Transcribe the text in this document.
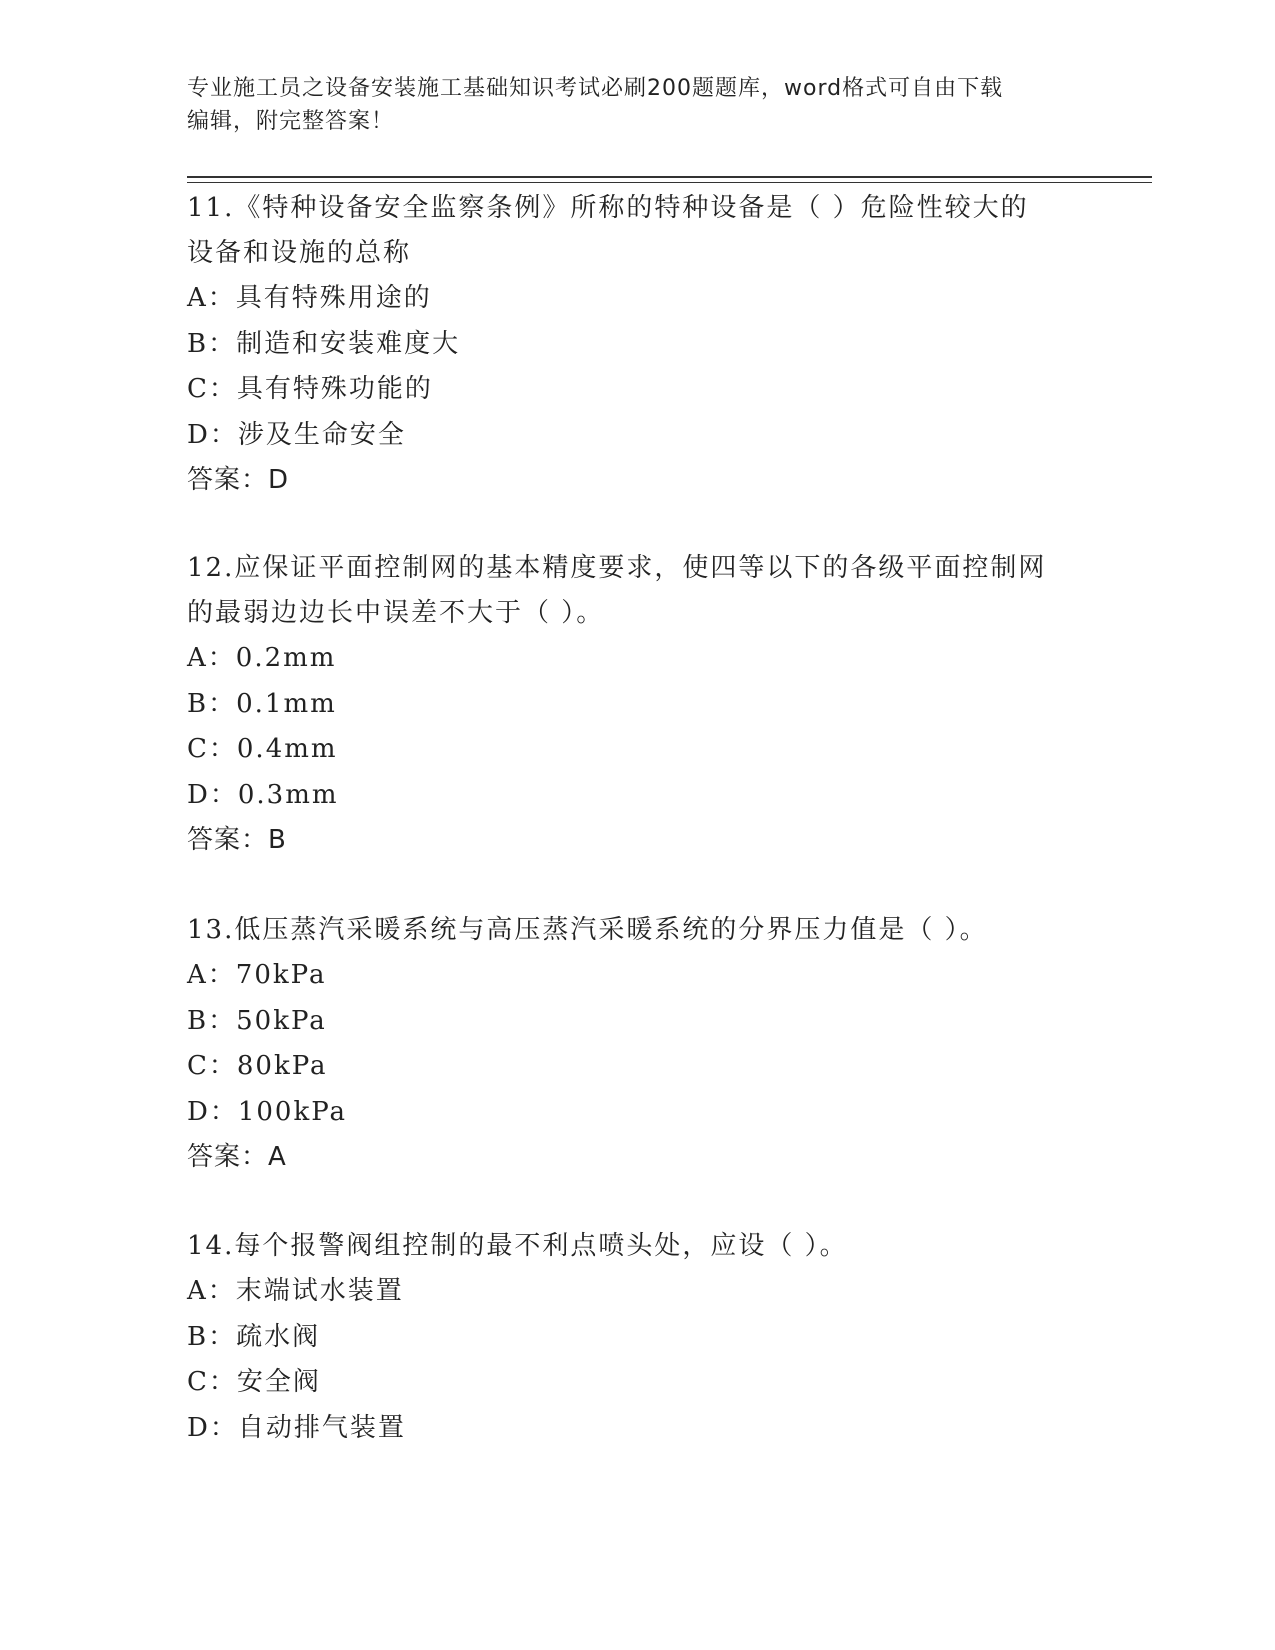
专业施工员之设备安装施工基础知识考试必刷200题题库，word格式可自由下载
编辑，附完整答案！
11.《特种设备安全监察条例》所称的特种设备是（ ）危险性较大的
设备和设施的总称
A：具有特殊用途的
B：制造和安装难度大
C：具有特殊功能的
D：涉及生命安全
答案：D
12.应保证平面控制网的基本精度要求，使四等以下的各级平面控制网
的最弱边边长中误差不大于（ ）。
A：0.2mm
B：0.1mm
C：0.4mm
D：0.3mm
答案：B
13.低压蒸汽采暖系统与高压蒸汽采暖系统的分界压力值是（ ）。
A：70kPa
B：50kPa
C：80kPa
D：100kPa
答案：A
14.每个报警阀组控制的最不利点喷头处，应设（ ）。
A：末端试水装置
B：疏水阀
C：安全阀
D：自动排气装置
